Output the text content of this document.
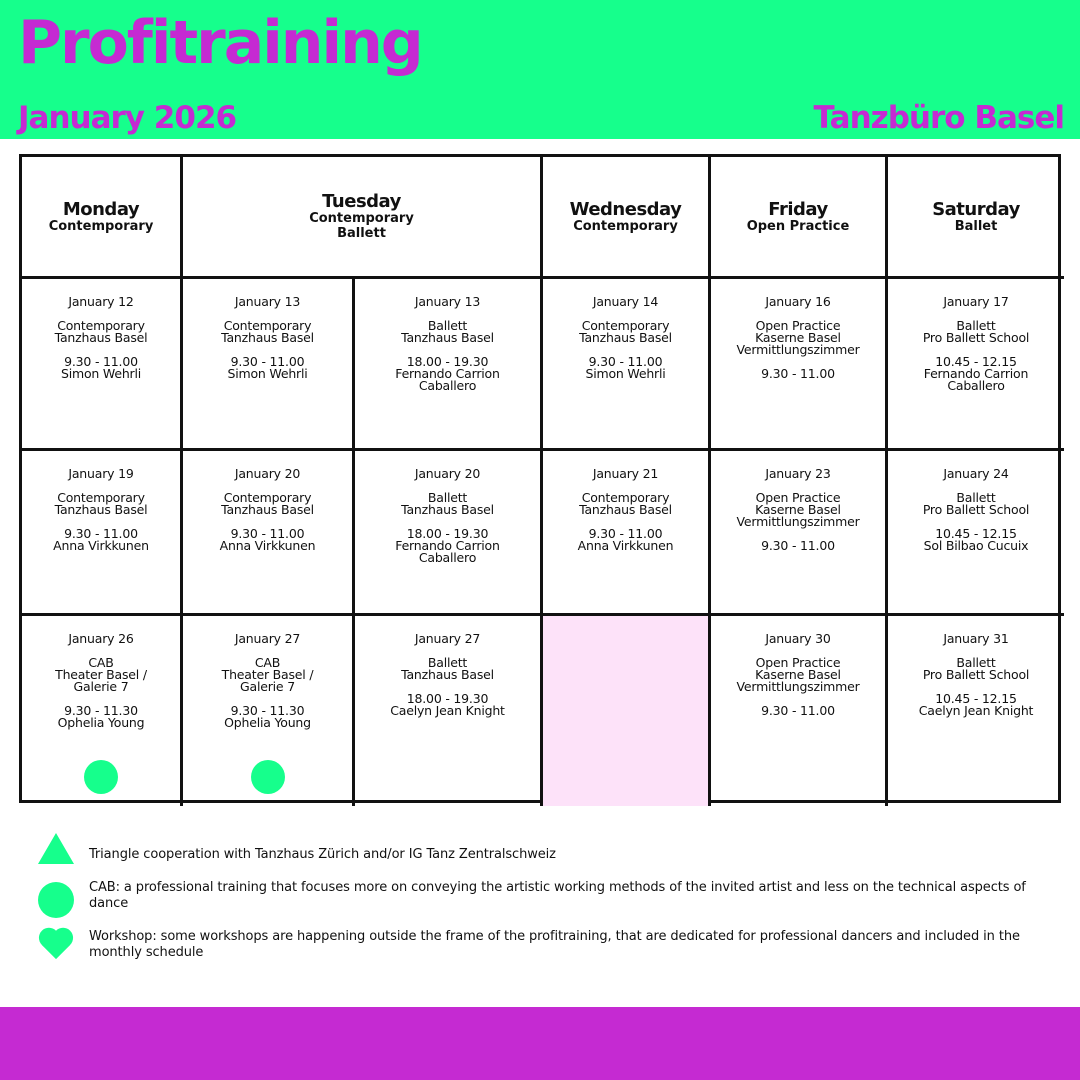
Profitraining
January 2026	Tanzbüro Basel
Monday
Contemporary
Tuesday
Contemporary
Ballett
Wednesday
Contemporary
Friday
Open Practice
Saturday
Ballet
January 12
Contemporary
Tanzhaus Basel
9.30 - 11.00
Simon Wehrli
January 13
Contemporary
Tanzhaus Basel
9.30 - 11.00
Simon Wehrli
January 13
Ballett
Tanzhaus Basel
18.00 - 19.30
Fernando Carrion
Caballero
January 14
Contemporary
Tanzhaus Basel
9.30 - 11.00
Simon Wehrli
January 16
Open Practice
Kaserne Basel
Vermittlungszimmer
9.30 - 11.00
January 17
Ballett
Pro Ballett School
10.45 - 12.15
Fernando Carrion
Caballero
January 19
Contemporary
Tanzhaus Basel
9.30 - 11.00
Anna Virkkunen
January 20
Contemporary
Tanzhaus Basel
9.30 - 11.00
Anna Virkkunen
January 20
Ballett
Tanzhaus Basel
18.00 - 19.30
Fernando Carrion
Caballero
January 21
Contemporary
Tanzhaus Basel
9.30 - 11.00
Anna Virkkunen
January 23
Open Practice
Kaserne Basel
Vermittlungszimmer
9.30 - 11.00
January 24
Ballett
Pro Ballett School
10.45 - 12.15
Sol Bilbao Cucuix
January 26
CAB
Theater Basel /
Galerie 7
9.30 - 11.30
Ophelia Young
January 27
CAB
Theater Basel /
Galerie 7
9.30 - 11.30
Ophelia Young
January 27
Ballett
Tanzhaus Basel
18.00 - 19.30
Caelyn Jean Knight
January 30
Open Practice
Kaserne Basel
Vermittlungszimmer
9.30 - 11.00
January 31
Ballett
Pro Ballett School
10.45 - 12.15
Caelyn Jean Knight
Triangle cooperation with Tanzhaus Zürich and/or IG Tanz Zentralschweiz
CAB: a professional training that focuses more on conveying the artistic working methods of the invited artist and less on the technical aspects of dance
Workshop: some workshops are happening outside the frame of the profitraining, that are dedicated for professional dancers and included in the monthly schedule
